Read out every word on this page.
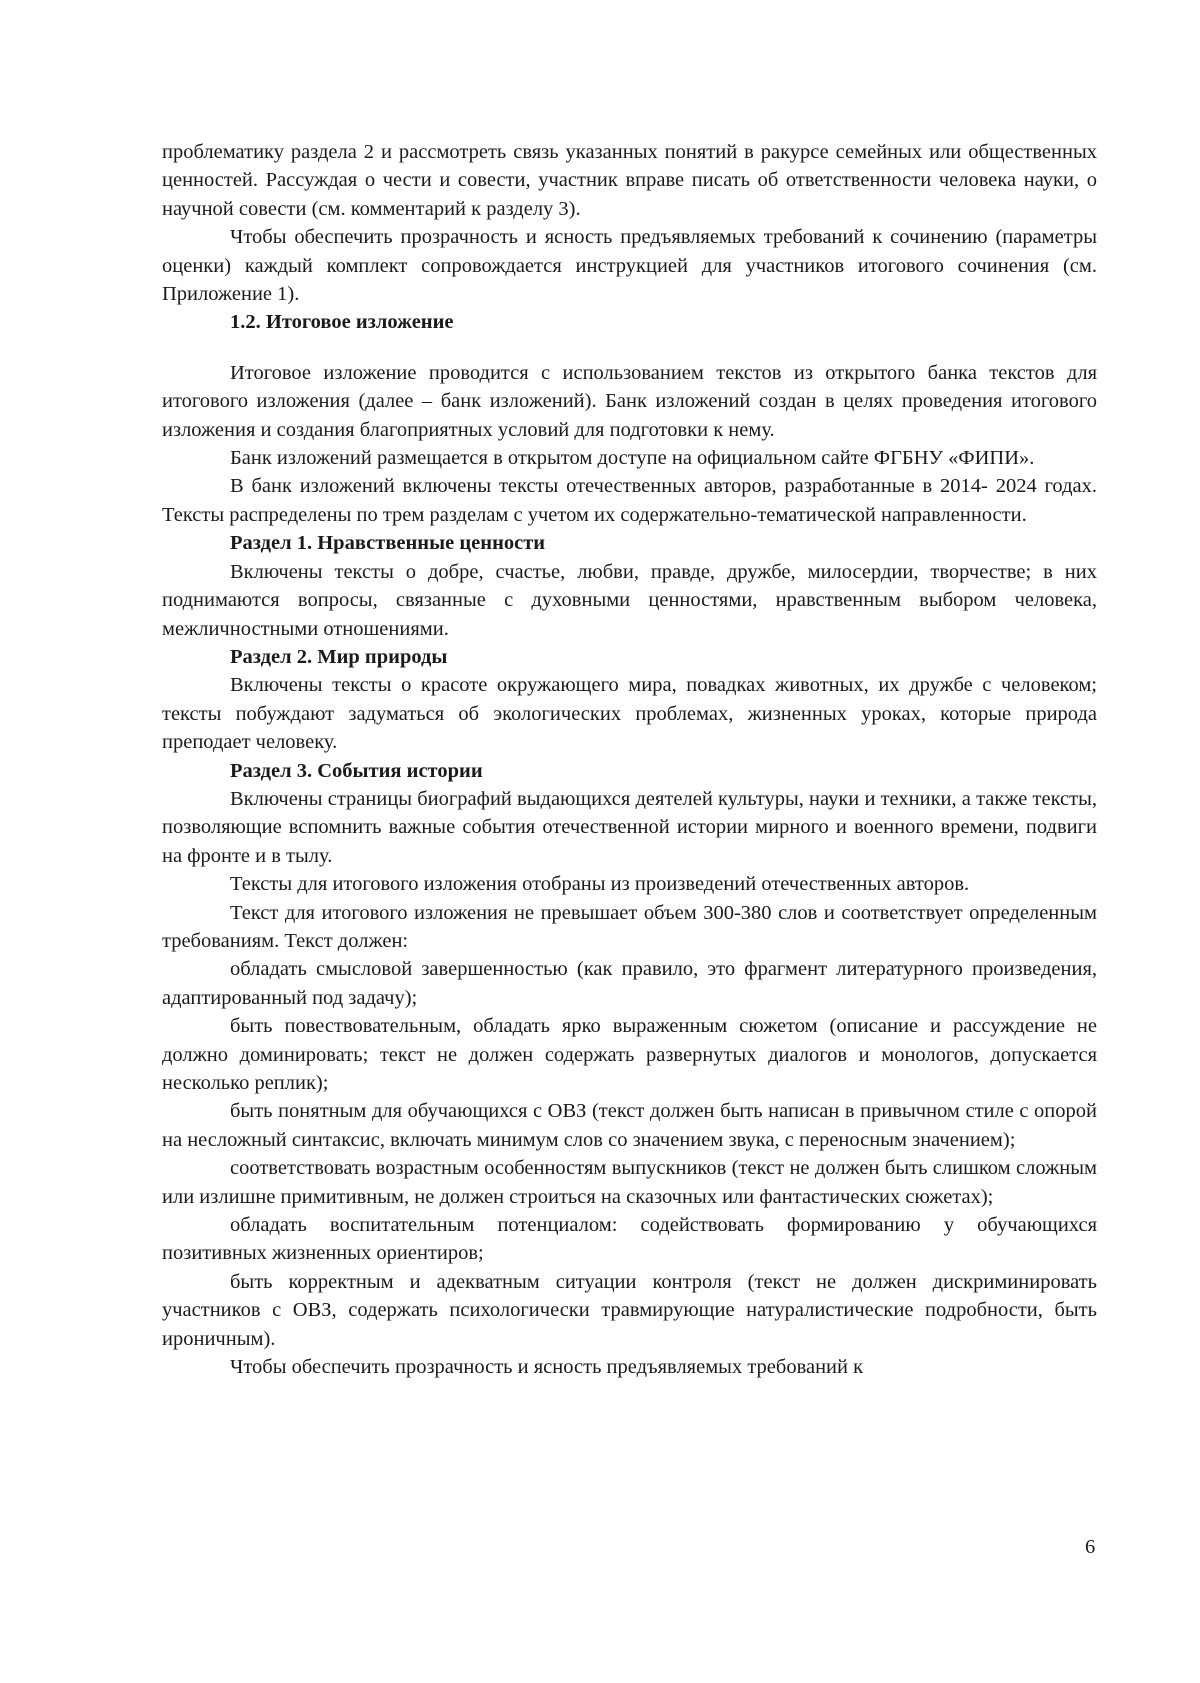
проблематику раздела 2 и рассмотреть связь указанных понятий в ракурсе семейных или общественных ценностей. Рассуждая о чести и совести, участник вправе писать об ответственности человека науки, о научной совести (см. комментарий к разделу 3).

Чтобы обеспечить прозрачность и ясность предъявляемых требований к сочинению (параметры оценки) каждый комплект сопровождается инструкцией для участников итогового сочинения (см. Приложение 1).

1.2. Итоговое изложение

Итоговое изложение проводится с использованием текстов из открытого банка текстов для итогового изложения (далее – банк изложений). Банк изложений создан в целях проведения итогового изложения и создания благоприятных условий для подготовки к нему.

Банк изложений размещается в открытом доступе на официальном сайте ФГБНУ «ФИПИ».

В банк изложений включены тексты отечественных авторов, разработанные в 2014- 2024 годах. Тексты распределены по трем разделам с учетом их содержательно-тематической направленности.

Раздел 1. Нравственные ценности

Включены тексты о добре, счастье, любви, правде, дружбе, милосердии, творчестве; в них поднимаются вопросы, связанные с духовными ценностями, нравственным выбором человека, межличностными отношениями.

Раздел 2. Мир природы

Включены тексты о красоте окружающего мира, повадках животных, их дружбе с человеком; тексты побуждают задуматься об экологических проблемах, жизненных уроках, которые природа преподает человеку.

Раздел 3. События истории

Включены страницы биографий выдающихся деятелей культуры, науки и техники, а также тексты, позволяющие вспомнить важные события отечественной истории мирного и военного времени, подвиги на фронте и в тылу.

Тексты для итогового изложения отобраны из произведений отечественных авторов.

Текст для итогового изложения не превышает объем 300-380 слов и соответствует определенным требованиям. Текст должен:

обладать смысловой завершенностью (как правило, это фрагмент литературного произведения, адаптированный под задачу);

быть повествовательным, обладать ярко выраженным сюжетом (описание и рассуждение не должно доминировать; текст не должен содержать развернутых диалогов и монологов, допускается несколько реплик);

быть понятным для обучающихся с ОВЗ (текст должен быть написан в привычном стиле с опорой на несложный синтаксис, включать минимум слов со значением звука, с переносным значением);

соответствовать возрастным особенностям выпускников (текст не должен быть слишком сложным или излишне примитивным, не должен строиться на сказочных или фантастических сюжетах);

обладать воспитательным потенциалом: содействовать формированию у обучающихся позитивных жизненных ориентиров;

быть корректным и адекватным ситуации контроля (текст не должен дискриминировать участников с ОВЗ, содержать психологически травмирующие натуралистические подробности, быть ироничным).

Чтобы обеспечить прозрачность и ясность предъявляемых требований к

6
